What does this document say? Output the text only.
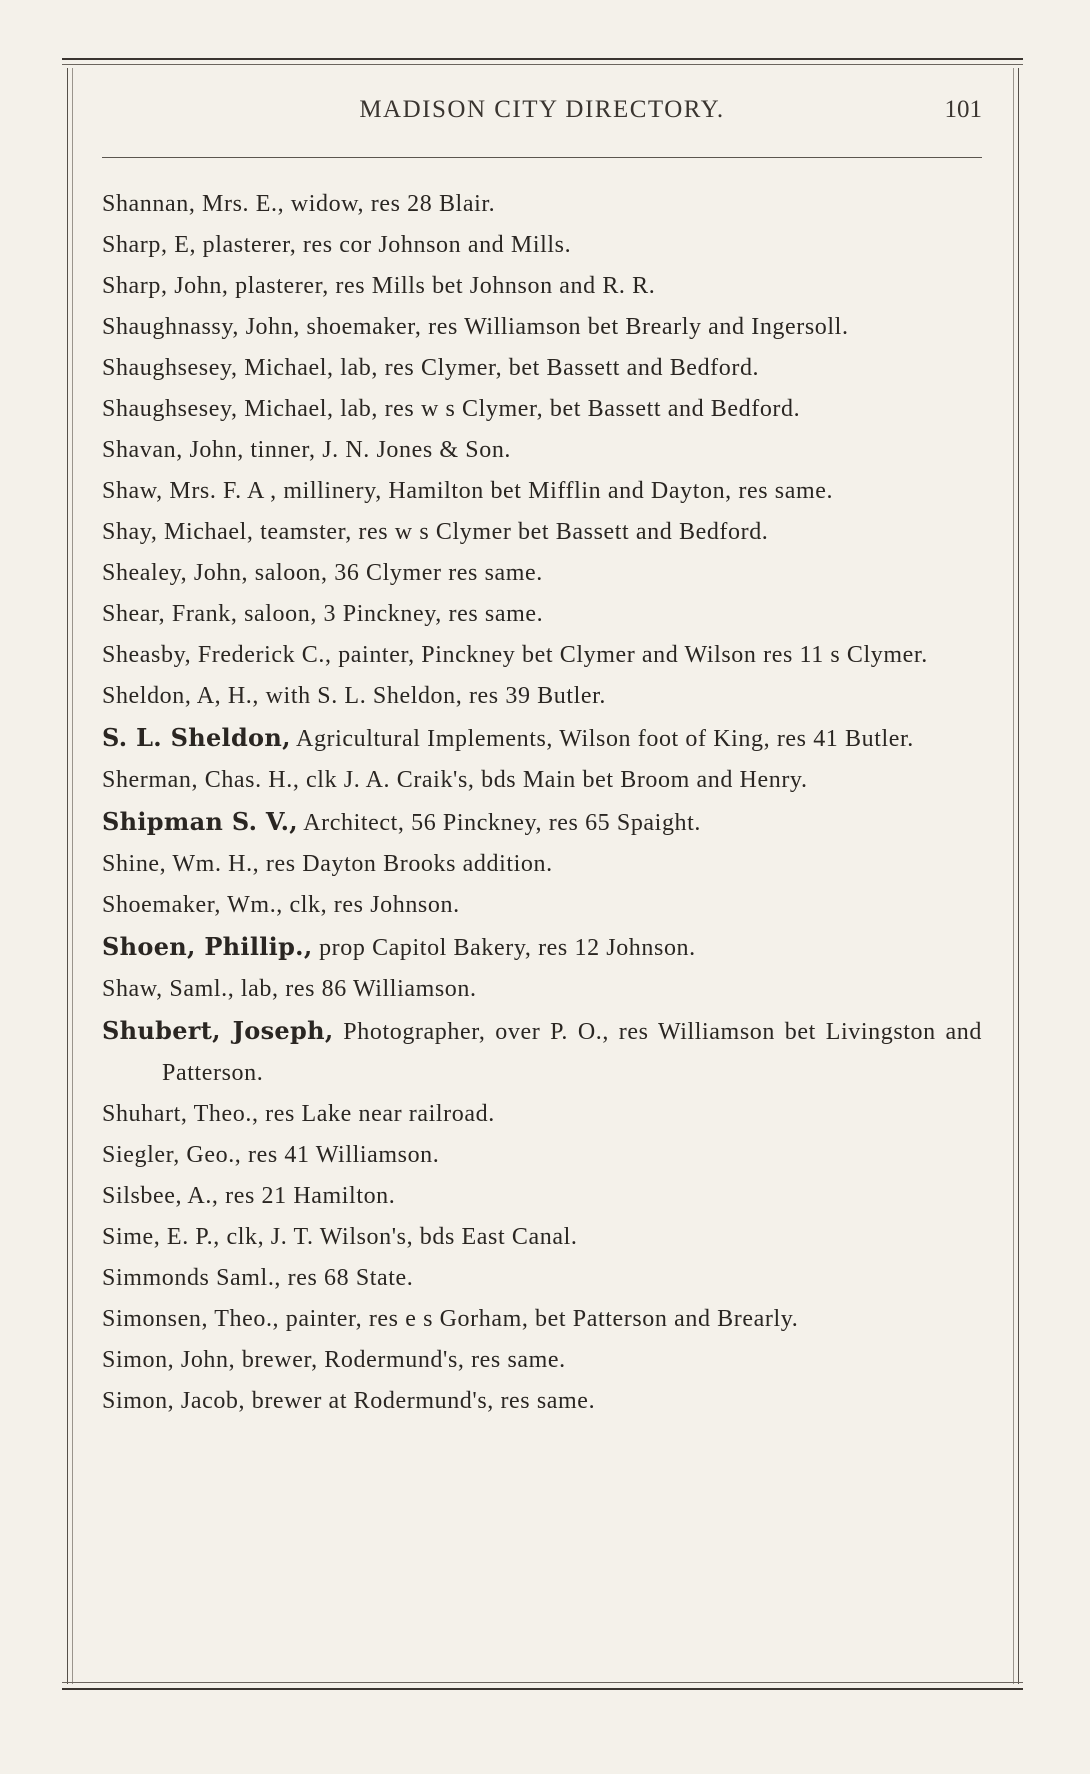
MADISON CITY DIRECTORY.	101

Shannan, Mrs. E., widow, res 28 Blair.

Sharp, E, plasterer, res cor Johnson and Mills.

Sharp, John, plasterer, res Mills bet Johnson and R. R.

Shaughnassy, John, shoemaker, res Williamson bet Brearly and Ingersoll.

Shaughsesey, Michael, lab, res Clymer, bet Bassett and Bedford.

Shaughsesey, Michael, lab, res w s Clymer, bet Bassett and Bedford.

Shavan, John, tinner, J. N. Jones & Son.

Shaw, Mrs. F. A , millinery, Hamilton bet Mifflin and Dayton, res same.

Shay, Michael, teamster, res w s Clymer bet Bassett and Bedford.

Shealey, John, saloon, 36 Clymer res same.

Shear, Frank, saloon, 3 Pinckney, res same.

Sheasby, Frederick C., painter, Pinckney bet Clymer and Wilson res 11 s Clymer.

Sheldon, A, H., with S. L. Sheldon, res 39 Butler.

S. L. Sheldon, Agricultural Implements, Wilson foot of King, res 41 Butler.

Sherman, Chas. H., clk J. A. Craik's, bds Main bet Broom and Henry.

Shipman S. V., Architect, 56 Pinckney, res 65 Spaight.

Shine, Wm. H., res Dayton Brooks addition.

Shoemaker, Wm., clk, res Johnson.

Shoen, Phillip., prop Capitol Bakery, res 12 Johnson.

Shaw, Saml., lab, res 86 Williamson.

Shubert, Joseph, Photographer, over P. O., res Williamson bet Livingston and Patterson.

Shuhart, Theo., res Lake near railroad.

Siegler, Geo., res 41 Williamson.

Silsbee, A., res 21 Hamilton.

Sime, E. P., clk, J. T. Wilson's, bds East Canal.

Simmonds Saml., res 68 State.

Simonsen, Theo., painter, res e s Gorham, bet Patterson and Brearly.

Simon, John, brewer, Rodermund's, res same.

Simon, Jacob, brewer at Rodermund's, res same.
